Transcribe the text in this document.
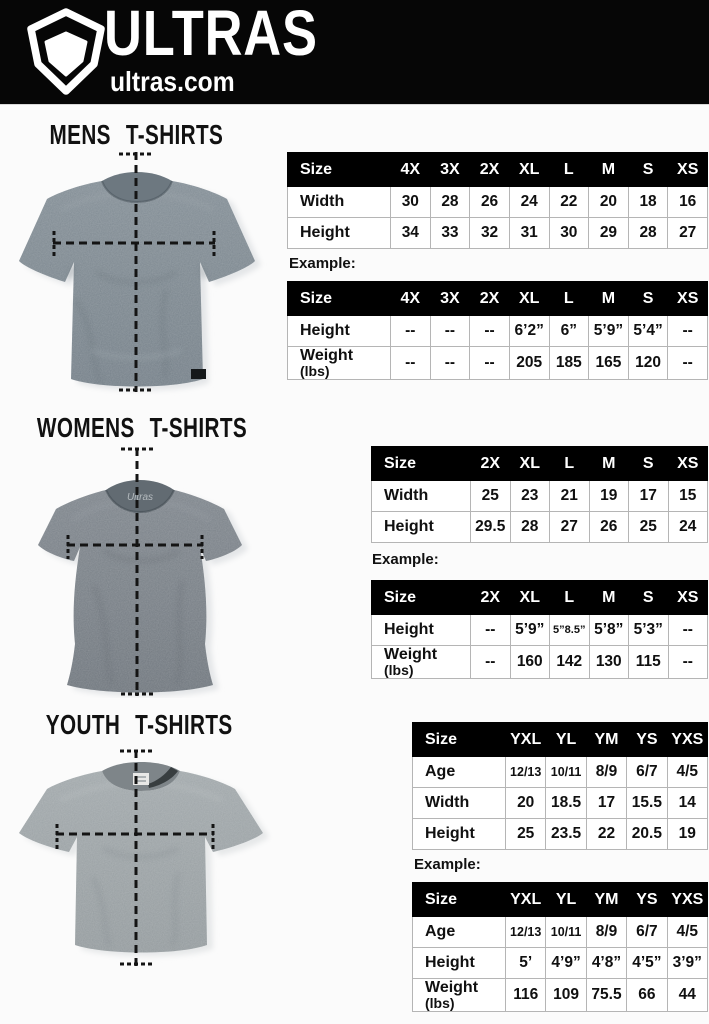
ULTRAS
ultras.com
MENS T-SHIRTS
WOMENS T-SHIRTS
YOUTH T-SHIRTS
Example:
Example:
Example:
Size	4X	3X	2X	XL	L	M	S	XS

Width	30	28	26	24	22	20	18	16

Height	34	33	32	31	30	29	28	27
Size	4X	3X	2X	XL	L	M	S	XS

Height	--	--	--	6’2”	6”	5’9”	5’4”	--

Weight
(lbs)	--	--	--	205	185	165	120	--
Size	2X	XL	L	M	S	XS

Width	25	23	21	19	17	15

Height	29.5	28	27	26	25	24
Size	2X	XL	L	M	S	XS

Height	--	5’9”	5”8.5”	5’8”	5’3”	--

Weight
(lbs)	--	160	142	130	115	--
Size	YXL	YL	YM	YS	YXS

Age	12/13	10/11	8/9	6/7	4/5

Width	20	18.5	17	15.5	14

Height	25	23.5	22	20.5	19
Size	YXL	YL	YM	YS	YXS

Age	12/13	10/11	8/9	6/7	4/5

Height	5’	4’9”	4’8”	4’5”	3’9”

Weight
(lbs)	116	109	75.5	66	44
Ultras
